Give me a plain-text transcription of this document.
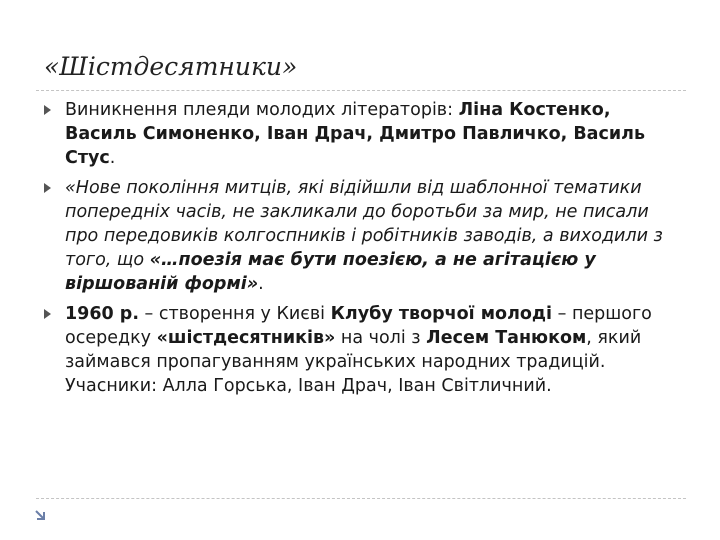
«Шістдесятники»
Виникнення плеяди молодих літераторів: Ліна Костенко, Василь Симоненко, Іван Драч, Дмитро Павличко, Василь Стус.
«Нове покоління митців, які відійшли від шаблонної тематики попередніх часів, не закликали до боротьби за мир, не писали про передовиків колгоспників і робітників заводів, а виходили з того, що «…поезія має бути поезією, а не агітацією у віршованій формі».
1960 р. – створення у Києві Клубу творчої молоді – першого осередку «шістдесятників» на чолі з Лесем Танюком, який займався пропагуванням українських народних традицій. Учасники: Алла Горська, Іван Драч, Іван Світличний.
